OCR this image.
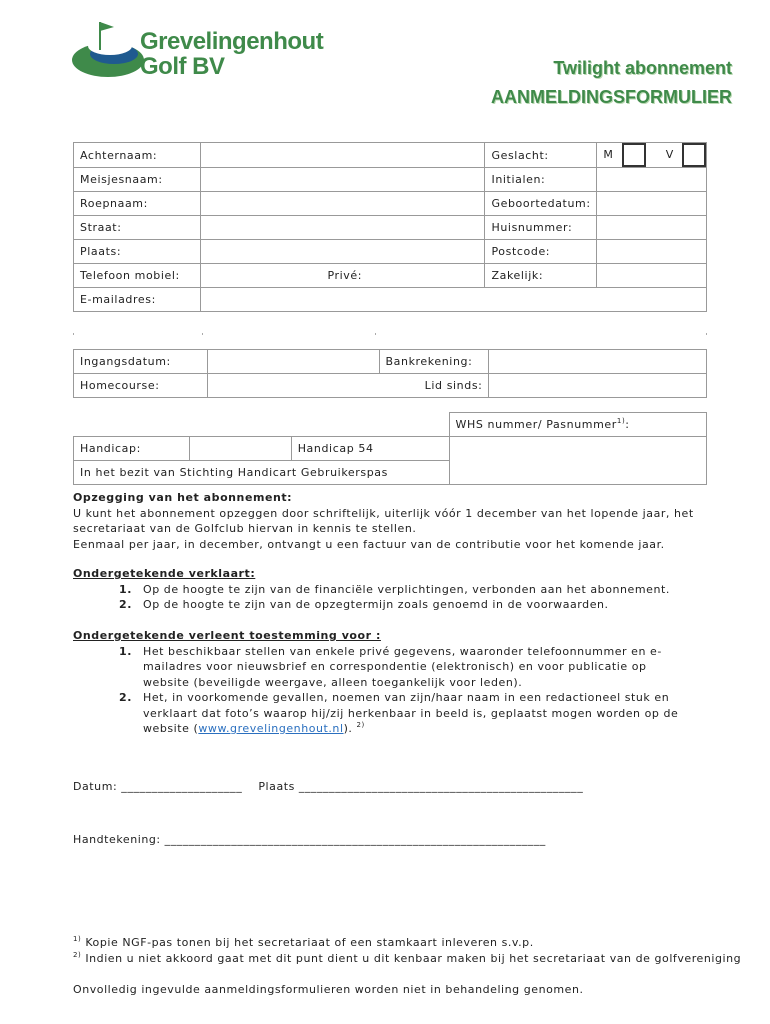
Grevelingenhout
Golf BV	Twilight abonnement
AANMELDINGSFORMULIER
Achternaam:		Geslacht:	M V
Meisjesnaam:		Initialen:	
Roepnaam:		Geboortedatum:	
Straat:		Huisnummer:	
Plaats:		Postcode:	
Telefoon mobiel:	Privé:	Zakelijk:	
E-mailadres:			
Ingangsdatum:		Bankrekening:	
Homecourse:	Lid sinds:		
			WHS nummer/ Pasnummer$^{1)}$:
Handicap:		Handicap 54	
In het bezit van Stichting Handicart Gebruikerspas			
Opzegging van het abonnement:
U kunt het abonnement opzeggen door schriftelijk, uiterlijk vóór 1 december van het lopende jaar, het
secretariaat van de Golfclub hiervan in kennis te stellen.
Eenmaal per jaar, in december, ontvangt u een factuur van de contributie voor het komende jaar.
Ondergetekende verklaart:
1. Op de hoogte te zijn van de financiële verplichtingen, verbonden aan het abonnement.
2. Op de hoogte te zijn van de opzegtermijn zoals genoemd in de voorwaarden.
Ondergetekende verleent toestemming voor :
1. Het beschikbaar stellen van enkele privé gegevens, waaronder telefoonnummer en e-
mailadres voor nieuwsbrief en correspondentie (elektronisch) en voor publicatie op
website (beveiligde weergave, alleen toegankelijk voor leden).
2. Het, in voorkomende gevallen, noemen van zijn/haar naam in een redactioneel stuk en
verklaart dat foto’s waarop hij/zij herkenbaar in beeld is, geplaatst mogen worden op de
website (www.grevelingenhout.nl). $^{2)}$
Datum: ____________________ Plaats _______________________________________________
Handtekening: _______________________________________________________________
$^{1)}$ Kopie NGF-pas tonen bij het secretariaat of een stamkaart inleveren s.v.p.
$^{2)}$ Indien u niet akkoord gaat met dit punt dient u dit kenbaar maken bij het secretariaat van de golfvereniging
Onvolledig ingevulde aanmeldingsformulieren worden niet in behandeling genomen.
